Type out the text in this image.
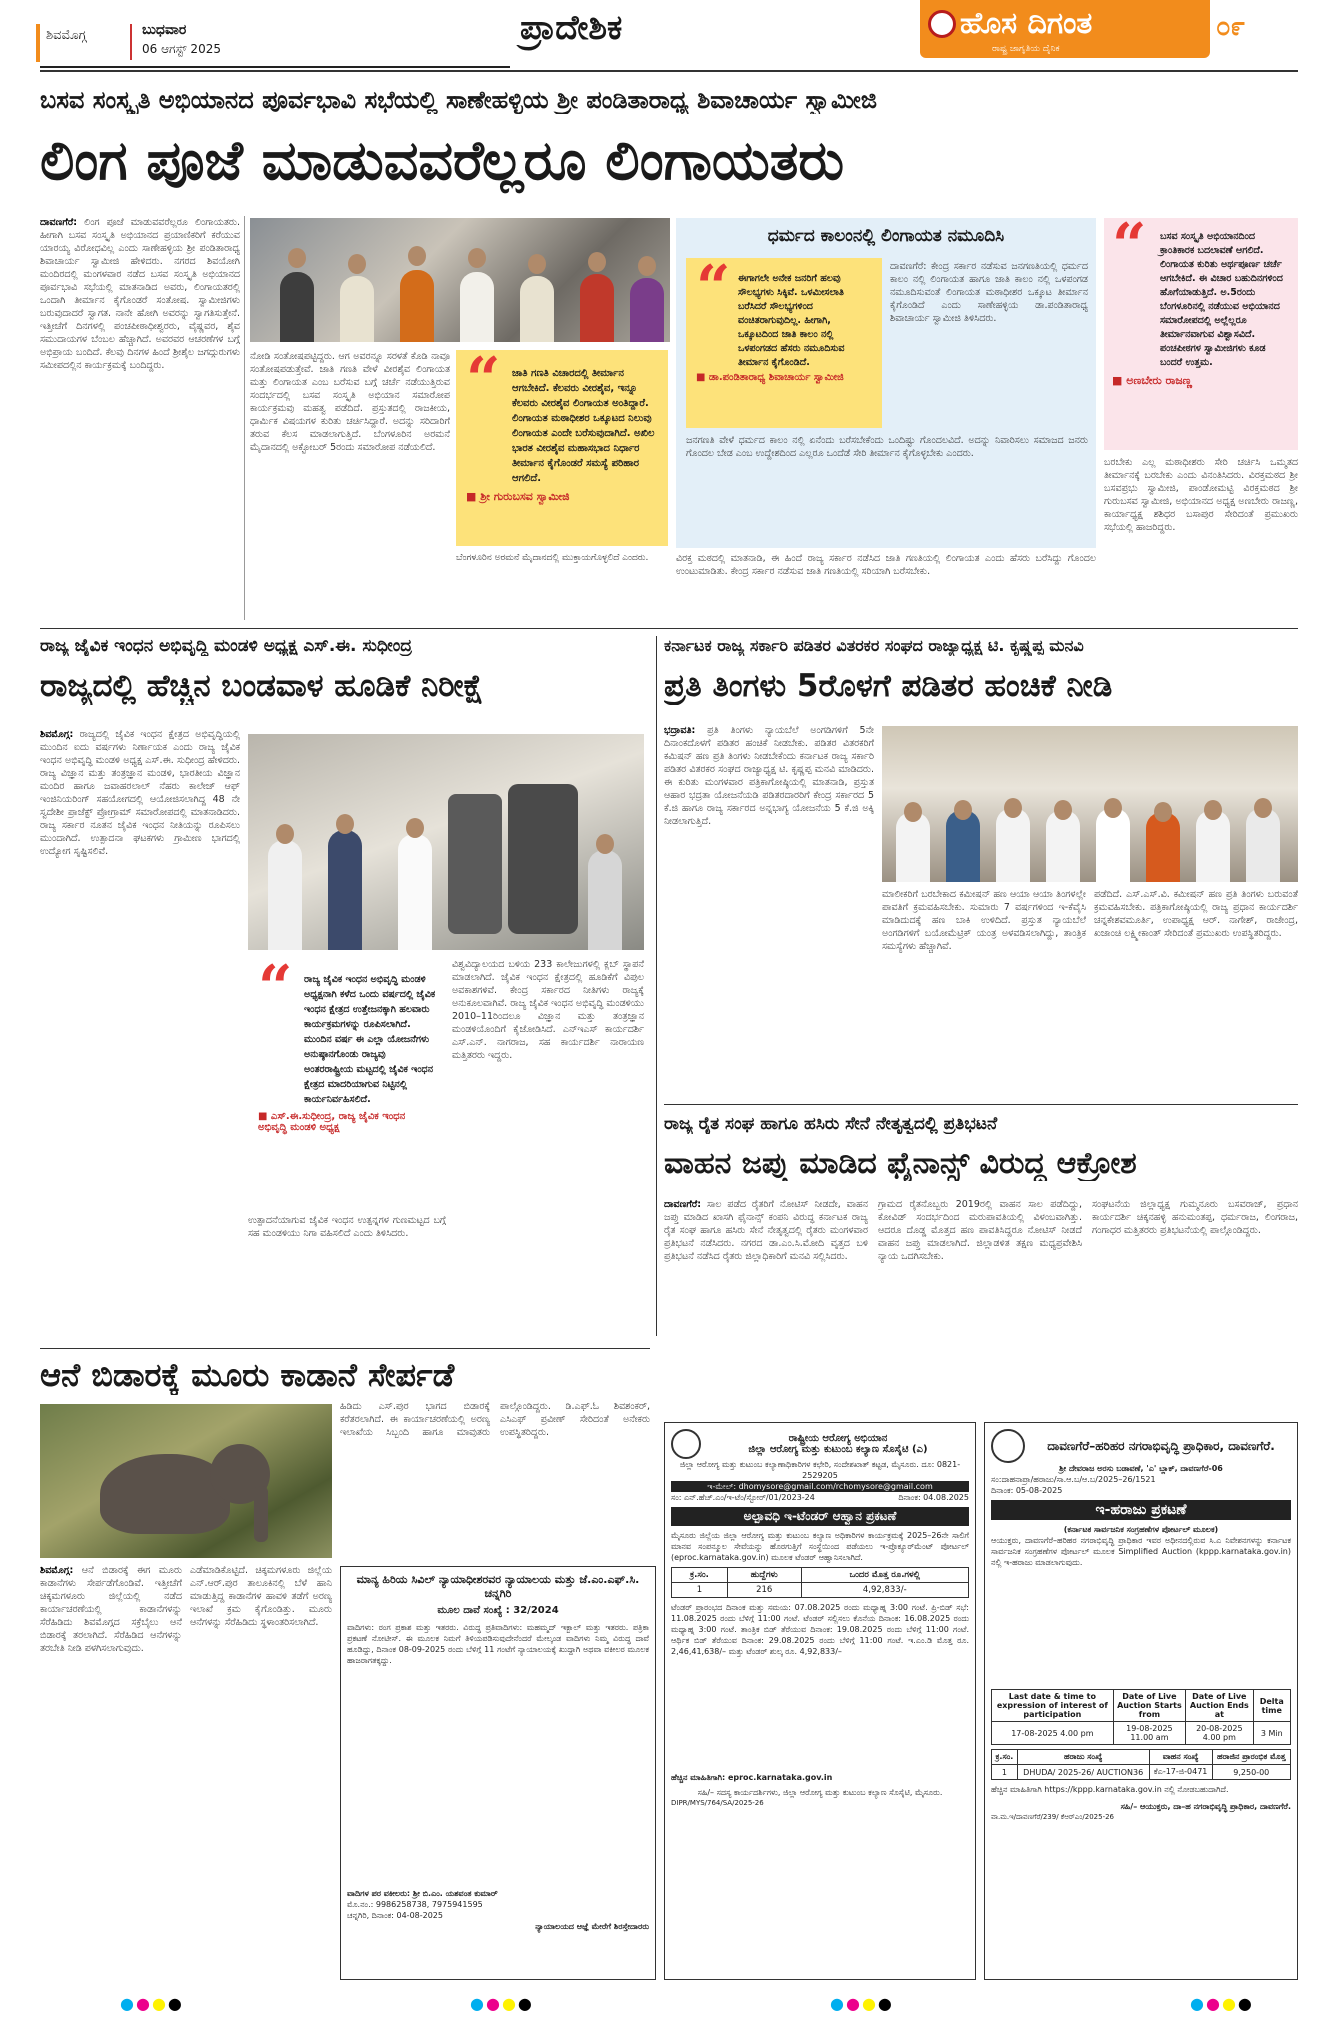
ಶಿವಮೊಗ್ಗ	ಬುಧವಾರ
06 ಆಗಸ್ಟ್ 2025
ಪ್ರಾದೇಶಿಕ	ಹೊಸ ದಿಗಂತ
ರಾಷ್ಟ್ರ ಜಾಗೃತಿಯ ದೈನಿಕ
೦೯
ಬಸವ ಸಂಸ್ಕೃತಿ ಅಭಿಯಾನದ ಪೂರ್ವಭಾವಿ ಸಭೆಯಲ್ಲಿ ಸಾಣೇಹಳ್ಳಿಯ ಶ್ರೀ ಪಂಡಿತಾರಾಧ್ಯ ಶಿವಾಚಾರ್ಯ ಸ್ವಾಮೀಜಿ
ಲಿಂಗ ಪೂಜೆ ಮಾಡುವವರೆಲ್ಲರೂ ಲಿಂಗಾಯತರು
ದಾವಣಗೆರೆ: ಲಿಂಗ ಪೂಜೆ ಮಾಡುವವರೆಲ್ಲರೂ ಲಿಂಗಾಯತರು. ಹೀಗಾಗಿ ಬಸವ ಸಂಸ್ಕೃತಿ ಅಭಿಯಾನದ ಪ್ರಯಾಣಿಕರಿಗೆ ಕರೆಯುವ ಯಾರಯ್ಯ ವಿರೋಧವಿಲ್ಲ ಎಂದು ಸಾಣೇಹಳ್ಳಿಯ ಶ್ರೀ ಪಂಡಿತಾರಾಧ್ಯ ಶಿವಾಚಾರ್ಯ ಸ್ವಾಮೀಜಿ ಹೇಳಿದರು. ನಗರದ ಶಿವಯೋಗಿ ಮಂದಿರದಲ್ಲಿ ಮಂಗಳವಾರ ನಡೆದ ಬಸವ ಸಂಸ್ಕೃತಿ ಅಭಿಯಾನದ ಪೂರ್ವಭಾವಿ ಸಭೆಯಲ್ಲಿ ಮಾತನಾಡಿದ ಅವರು, ಲಿಂಗಾಯತರಲ್ಲಿ ಒಂದಾಗಿ ತೀರ್ಮಾನ ಕೈಗೊಂಡರೆ ಸಂತೋಷ. ಸ್ವಾಮೀಜಿಗಳು ಬರುವುದಾದರೆ ಸ್ವಾಗತ. ನಾನೇ ಹೋಗಿ ಅವರನ್ನು ಸ್ವಾಗತಿಸುತ್ತೇನೆ. ಇತ್ತೀಚೆಗೆ ದಿನಗಳಲ್ಲಿ ಪಂಚಪೀಠಾಧೀಶ್ವರರು, ವೈಷ್ಣವರ, ಶೈವ ಸಮುದಾಯಗಳ ಬೆಂಬಲ ಹೆಚ್ಚಾಗಿದೆ. ಅವರವರ ಆಚರಣೆಗಳ ಬಗ್ಗೆ ಅಭಿಪ್ರಾಯ ಬಂದಿದೆ. ಕೆಲವು ದಿನಗಳ ಹಿಂದೆ ಶ್ರೀಶೈಲ ಜಗದ್ಗುರುಗಳು ಸಮೀಪದಲ್ಲಿನ ಕಾರ್ಯಕ್ರಮಕ್ಕೆ ಬಂದಿದ್ದರು.
ನೋಡಿ ಸಂತೋಷಪಟ್ಟಿದ್ದರು. ಆಗ ಅವರನ್ನೂ ಸರಳತೆ ಕೊಡಿ ನಾವೂ ಸಂತೋಷಪಡುತ್ತೇವೆ. ಜಾತಿ ಗಣತಿ ವೇಳೆ ವೀರಶೈವ ಲಿಂಗಾಯತ ಮತ್ತು ಲಿಂಗಾಯತ ಎಂಬ ಬರೆಸುವ ಬಗ್ಗೆ ಚರ್ಚೆ ನಡೆಯುತ್ತಿರುವ ಸಂದರ್ಭದಲ್ಲಿ ಬಸವ ಸಂಸ್ಕೃತಿ ಅಭಿಯಾನ ಸಮಾರೋಪ ಕಾರ್ಯಕ್ರಮವು ಮಹತ್ವ ಪಡೆದಿದೆ. ಪ್ರಸ್ತುತದಲ್ಲಿ ರಾಜಕೀಯ, ಧಾರ್ಮಿಕ ವಿಷಯಗಳ ಕುರಿತು ಚರ್ಚಿಸಿದ್ದಾರೆ. ಅದನ್ನು ಸರಿದಾರಿಗೆ ತರುವ ಕೆಲಸ ಮಾಡಲಾಗುತ್ತಿದೆ. ಬೆಂಗಳೂರಿನ ಅರಮನೆ ಮೈದಾನದಲ್ಲಿ ಅಕ್ಟೋಬರ್ 5ರಂದು ಸಮಾರೋಪ ನಡೆಯಲಿದೆ.
“	ಜಾತಿ ಗಣತಿ ವಿಚಾರದಲ್ಲಿ ತೀರ್ಮಾನ ಆಗಬೇಕಿದೆ. ಕೆಲವರು ವೀರಶೈವ, ಇನ್ನೂ ಕೆಲವರು ವೀರಶೈವ ಲಿಂಗಾಯತ ಅಂತಿದ್ದಾರೆ. ಲಿಂಗಾಯತ ಮಠಾಧೀಶರ ಒಕ್ಕೂಟದ ನಿಲುವು ಲಿಂಗಾಯತ ಎಂದೇ ಬರೆಸುವುದಾಗಿದೆ. ಅಖಿಲ ಭಾರತ ವೀರಶೈವ ಮಹಾಸಭಾದ ನಿರ್ಧಾರ ತೀರ್ಮಾನ ಕೈಗೊಂಡರೆ ಸಮಸ್ಯೆ ಪರಿಹಾರ ಆಗಲಿದೆ.
■ ಶ್ರೀ ಗುರುಬಸವ ಸ್ವಾಮೀಜಿ
ಧರ್ಮದ ಕಾಲಂನಲ್ಲಿ ಲಿಂಗಾಯತ ನಮೂದಿಸಿ
“ ಈಗಾಗಲೇ ಅನೇಕ ಜನರಿಗೆ ಹಲವು ಸೌಲಭ್ಯಗಳು ಸಿಕ್ಕಿವೆ. ಒಳಮೀಸಲಾತಿ ಬರೆಸಿದರೆ ಸೌಲಭ್ಯಗಳಿಂದ ವಂಚಿತರಾಗುವುದಿಲ್ಲ. ಹೀಗಾಗಿ, ಒಕ್ಕೂಟದಿಂದ ಜಾತಿ ಕಾಲಂ ನಲ್ಲಿ ಒಳಪಂಗಡದ ಹೆಸರು ನಮೂದಿಸುವ ತೀರ್ಮಾನ ಕೈಗೊಂಡಿದೆ.
■ ಡಾ.ಪಂಡಿತಾರಾಧ್ಯ ಶಿವಾಚಾರ್ಯ ಸ್ವಾಮೀಜಿ
ದಾವಣಗೆರೆ: ಕೇಂದ್ರ ಸರ್ಕಾರ ನಡೆಸುವ ಜನಗಣತಿಯಲ್ಲಿ ಧರ್ಮದ ಕಾಲಂ ನಲ್ಲಿ ಲಿಂಗಾಯತ ಹಾಗೂ ಜಾತಿ ಕಾಲಂ ನಲ್ಲಿ ಒಳಪಂಗಡ ನಮೂದಿಸುವಂತೆ ಲಿಂಗಾಯತ ಮಠಾಧೀಶರ ಒಕ್ಕೂಟ ತೀರ್ಮಾನ ಕೈಗೊಂಡಿದೆ ಎಂದು ಸಾಣೇಹಳ್ಳಿಯ ಡಾ.ಪಂಡಿತಾರಾಧ್ಯ ಶಿವಾಚಾರ್ಯ ಸ್ವಾಮೀಜಿ ತಿಳಿಸಿದರು.
ಜನಗಣತಿ ವೇಳೆ ಧರ್ಮದ ಕಾಲಂ ನಲ್ಲಿ ಏನೆಂದು ಬರೆಸಬೇಕೆಂದು ಒಂದಿಷ್ಟು ಗೊಂದಲವಿದೆ. ಅದನ್ನು ನಿವಾರಿಸಲು ಸಮಾಜದ ಜನರು ಗೊಂದಲ ಬೇಡ ಎಂಬ ಉದ್ದೇಶದಿಂದ ಎಲ್ಲರೂ ಒಂದೆಡೆ ಸೇರಿ ತೀರ್ಮಾನ ಕೈಗೊಳ್ಳಬೇಕು ಎಂದರು.
“	ಬಸವ ಸಂಸ್ಕೃತಿ ಅಭಿಯಾನದಿಂದ ಕ್ರಾಂತಿಕಾರಕ ಬದಲಾವಣೆ ಆಗಲಿದೆ. ಲಿಂಗಾಯತ ಕುರಿತು ಅರ್ಥಪೂರ್ಣ ಚರ್ಚೆ ಆಗಬೇಕಿದೆ. ಈ ವಿಚಾರ ಬಹುದಿನಗಳಿಂದ ಹೊಗೆಯಾಡುತ್ತಿದೆ. ಅ.5ರಂದು ಬೆಂಗಳೂರಿನಲ್ಲಿ ನಡೆಯುವ ಅಭಿಯಾನದ ಸಮಾರೋಪದಲ್ಲಿ ಅಲ್ಲೆಲ್ಲರೂ ತೀರ್ಮಾನವಾಗುವ ವಿಶ್ವಾಸವಿದೆ. ಪಂಚಪೀಠಗಳ ಸ್ವಾಮೀಜಿಗಳು ಕೂಡ ಬಂದರೆ ಉತ್ತಮ.
■ ಅಣಬೇರು ರಾಜಣ್ಣ
ಬರಬೇಕು ಎಲ್ಲ ಮಠಾಧೀಶರು ಸೇರಿ ಚರ್ಚಿಸಿ ಒಮ್ಮತದ ತೀರ್ಮಾನಕ್ಕೆ ಬರಬೇಕು ಎಂದು ವಿನಂತಿಸಿದರು. ವಿರಕ್ತಮಠದ ಶ್ರೀ ಬಸವಪ್ರಭು ಸ್ವಾಮೀಜಿ, ಪಾಂಡೋಮಟ್ಟಿ ವಿರಕ್ತಮಠದ ಶ್ರೀ ಗುರುಬಸವ ಸ್ವಾಮೀಜಿ, ಅಭಿಯಾನದ ಅಧ್ಯಕ್ಷ ಅಣಬೇರು ರಾಜಣ್ಣ, ಕಾರ್ಯಾಧ್ಯಕ್ಷ ಶಶಿಧರ ಬಸಾಪುರ ಸೇರಿದಂತೆ ಪ್ರಮುಖರು ಸಭೆಯಲ್ಲಿ ಹಾಜರಿದ್ದರು.
ಬೆಂಗಳೂರಿನ ಅರಮನೆ ಮೈದಾನದಲ್ಲಿ ಮುಕ್ತಾಯಗೊಳ್ಳಲಿದೆ ಎಂದರು.	ವಿರಕ್ತ ಮಠದಲ್ಲಿ ಮಾತನಾಡಿ, ಈ ಹಿಂದೆ ರಾಜ್ಯ ಸರ್ಕಾರ ನಡೆಸಿದ ಜಾತಿ ಗಣತಿಯಲ್ಲಿ ಲಿಂಗಾಯತ ಎಂದು ಹೆಸರು ಬರೆಸಿದ್ದು ಗೊಂದಲ ಉಂಟುಮಾಡಿತು. ಕೇಂದ್ರ ಸರ್ಕಾರ ನಡೆಸುವ ಜಾತಿ ಗಣತಿಯಲ್ಲಿ ಸರಿಯಾಗಿ ಬರೆಸಬೇಕು.
ರಾಜ್ಯ ಜೈವಿಕ ಇಂಧನ ಅಭಿವೃದ್ಧಿ ಮಂಡಳಿ ಅಧ್ಯಕ್ಷ ಎಸ್.ಈ. ಸುಧೀಂದ್ರ
ರಾಜ್ಯದಲ್ಲಿ ಹೆಚ್ಚಿನ ಬಂಡವಾಳ ಹೂಡಿಕೆ ನಿರೀಕ್ಷೆ
ಶಿವಮೊಗ್ಗ: ರಾಜ್ಯದಲ್ಲಿ ಜೈವಿಕ ಇಂಧನ ಕ್ಷೇತ್ರದ ಅಭಿವೃದ್ಧಿಯಲ್ಲಿ ಮುಂದಿನ ಐದು ವರ್ಷಗಳು ನಿರ್ಣಾಯಕ ಎಂದು ರಾಜ್ಯ ಜೈವಿಕ ಇಂಧನ ಅಭಿವೃದ್ಧಿ ಮಂಡಳಿ ಅಧ್ಯಕ್ಷ ಎಸ್.ಈ. ಸುಧೀಂದ್ರ ಹೇಳಿದರು. ರಾಜ್ಯ ವಿಜ್ಞಾನ ಮತ್ತು ತಂತ್ರಜ್ಞಾನ ಮಂಡಳಿ, ಭಾರತೀಯ ವಿಜ್ಞಾನ ಮಂದಿರ ಹಾಗೂ ಜವಾಹರಲಾಲ್ ನೆಹರು ಕಾಲೇಜ್ ಆಫ್ ಇಂಜಿನಿಯರಿಂಗ್ ಸಹಯೋಗದಲ್ಲಿ ಆಯೋಜಿಸಲಾಗಿದ್ದ 48 ನೇ ಸ್ವದೇಶೀ ಪ್ರಾಜೆಕ್ಟ್ ಪ್ರೋಗ್ರಾಮ್ ಸಮಾರೋಪದಲ್ಲಿ ಮಾತನಾಡಿದರು. ರಾಜ್ಯ ಸರ್ಕಾರ ನೂತನ ಜೈವಿಕ ಇಂಧನ ನೀತಿಯನ್ನು ರೂಪಿಸಲು ಮುಂದಾಗಿದೆ. ಉತ್ಪಾದನಾ ಘಟಕಗಳು ಗ್ರಾಮೀಣ ಭಾಗದಲ್ಲಿ ಉದ್ಯೋಗ ಸೃಷ್ಟಿಸಲಿವೆ.
“	ರಾಜ್ಯ ಜೈವಿಕ ಇಂಧನ ಅಭಿವೃದ್ಧಿ ಮಂಡಳಿ ಅಧ್ಯಕ್ಷನಾಗಿ ಕಳೆದ ಒಂದು ವರ್ಷದಲ್ಲಿ ಜೈವಿಕ ಇಂಧನ ಕ್ಷೇತ್ರದ ಉತ್ತೇಜನಕ್ಕಾಗಿ ಹಲವಾರು ಕಾರ್ಯಕ್ರಮಗಳನ್ನು ರೂಪಿಸಲಾಗಿದೆ. ಮುಂದಿನ ವರ್ಷ ಈ ಎಲ್ಲಾ ಯೋಜನೆಗಳು ಅನುಷ್ಠಾನಗೊಂಡು ರಾಜ್ಯವು ಅಂತರರಾಷ್ಟ್ರೀಯ ಮಟ್ಟದಲ್ಲಿ ಜೈವಿಕ ಇಂಧನ ಕ್ಷೇತ್ರದ ಮಾದರಿಯಾಗುವ ನಿಟ್ಟಿನಲ್ಲಿ ಕಾರ್ಯನಿರ್ವಹಿಸಲಿದೆ.
■ ಎಸ್.ಈ.ಸುಧೀಂದ್ರ, ರಾಜ್ಯ ಜೈವಿಕ ಇಂಧನ ಅಭಿವೃದ್ಧಿ ಮಂಡಳಿ ಅಧ್ಯಕ್ಷ
ವಿಶ್ವವಿದ್ಯಾಲಯದ ಬಳಿಯ 233 ಕಾಲೇಜುಗಳಲ್ಲಿ ಕ್ಲಬ್ ಸ್ಥಾಪನೆ ಮಾಡಲಾಗಿದೆ. ಜೈವಿಕ ಇಂಧನ ಕ್ಷೇತ್ರದಲ್ಲಿ ಹೂಡಿಕೆಗೆ ವಿಪುಲ ಅವಕಾಶಗಳಿವೆ. ಕೇಂದ್ರ ಸರ್ಕಾರದ ನೀತಿಗಳು ರಾಜ್ಯಕ್ಕೆ ಅನುಕೂಲವಾಗಿವೆ. ರಾಜ್ಯ ಜೈವಿಕ ಇಂಧನ ಅಭಿವೃದ್ಧಿ ಮಂಡಳಿಯು 2010–11ರಿಂದಲೂ ವಿಜ್ಞಾನ ಮತ್ತು ತಂತ್ರಜ್ಞಾನ ಮಂಡಳಿಯೊಂದಿಗೆ ಕೈಜೋಡಿಸಿದೆ. ಎನ್‌ಇಎಸ್ ಕಾರ್ಯದರ್ಶಿ ಎಸ್.ಎನ್. ನಾಗರಾಜ, ಸಹ ಕಾರ್ಯದರ್ಶಿ ನಾರಾಯಣ ಮತ್ತಿತರರು ಇದ್ದರು.
ಉತ್ಪಾದನೆಯಾಗುವ ಜೈವಿಕ ಇಂಧನ ಉತ್ಪನ್ನಗಳ ಗುಣಮಟ್ಟದ ಬಗ್ಗೆ ಸಹ ಮಂಡಳಿಯು ನಿಗಾ ವಹಿಸಲಿದೆ ಎಂದು ತಿಳಿಸಿದರು.
ಕರ್ನಾಟಕ ರಾಜ್ಯ ಸರ್ಕಾರಿ ಪಡಿತರ ವಿತರಕರ ಸಂಘದ ರಾಜ್ಯಾಧ್ಯಕ್ಷ ಟಿ. ಕೃಷ್ಣಪ್ಪ ಮನವಿ
ಪ್ರತಿ ತಿಂಗಳು 5ರೊಳಗೆ ಪಡಿತರ ಹಂಚಿಕೆ ನೀಡಿ
ಭದ್ರಾವತಿ: ಪ್ರತಿ ತಿಂಗಳು ನ್ಯಾಯಬೆಲೆ ಅಂಗಡಿಗಳಿಗೆ 5ನೇ ದಿನಾಂಕದೊಳಗೆ ಪಡಿತರ ಹಂಚಿಕೆ ನೀಡಬೇಕು. ಪಡಿತರ ವಿತರಕರಿಗೆ ಕಮಿಷನ್ ಹಣ ಪ್ರತಿ ತಿಂಗಳು ನೀಡಬೇಕೆಂದು ಕರ್ನಾಟಕ ರಾಜ್ಯ ಸರ್ಕಾರಿ ಪಡಿತರ ವಿತರಕರ ಸಂಘದ ರಾಜ್ಯಾಧ್ಯಕ್ಷ ಟಿ. ಕೃಷ್ಣಪ್ಪ ಮನವಿ ಮಾಡಿದರು. ಈ ಕುರಿತು ಮಂಗಳವಾರ ಪತ್ರಿಕಾಗೋಷ್ಠಿಯಲ್ಲಿ ಮಾತನಾಡಿ, ಪ್ರಸ್ತುತ ಆಹಾರ ಭದ್ರತಾ ಯೋಜನೆಯಡಿ ಪಡಿತರದಾರರಿಗೆ ಕೇಂದ್ರ ಸರ್ಕಾರದ 5 ಕೆ.ಜಿ ಹಾಗೂ ರಾಜ್ಯ ಸರ್ಕಾರದ ಅನ್ನಭಾಗ್ಯ ಯೋಜನೆಯ 5 ಕೆ.ಜಿ ಅಕ್ಕಿ ನೀಡಲಾಗುತ್ತಿದೆ.
ಮಾಲೀಕರಿಗೆ ಬರಬೇಕಾದ ಕಮೀಷನ್ ಹಣ ಆಯಾ ಆಯಾ ತಿಂಗಳಲ್ಲೇ ಪಾವತಿಗೆ ಕ್ರಮವಹಿಸಬೇಕು. ಸುಮಾರು 7 ವರ್ಷಗಳಿಂದ ಇ-ಕೆವೈಸಿ ಮಾಡಿದುದಕ್ಕೆ ಹಣ ಬಾಕಿ ಉಳಿದಿದೆ. ಪ್ರಸ್ತುತ ನ್ಯಾಯಬೆಲೆ ಅಂಗಡಿಗಳಿಗೆ ಬಯೋಮೆಟ್ರಿಕ್ ಯಂತ್ರ ಅಳವಡಿಸಲಾಗಿದ್ದು, ತಾಂತ್ರಿಕ ಸಮಸ್ಯೆಗಳು ಹೆಚ್ಚಾಗಿವೆ.
ಪಡೆದಿದೆ. ಎಸ್.ಎಸ್.ವಿ. ಕಮೀಷನ್ ಹಣ ಪ್ರತಿ ತಿಂಗಳು ಬರುವಂತೆ ಕ್ರಮವಹಿಸಬೇಕು. ಪತ್ರಿಕಾಗೋಷ್ಠಿಯಲ್ಲಿ ರಾಜ್ಯ ಪ್ರಧಾನ ಕಾರ್ಯದರ್ಶಿ ಚನ್ನಕೇಶವಮೂರ್ತಿ, ಉಪಾಧ್ಯಕ್ಷ ಆರ್. ನಾಗೇಶ್, ರಾಜೇಂದ್ರ, ಖಜಾಂಚಿ ಲಕ್ಷ್ಮೀಕಾಂತ್ ಸೇರಿದಂತೆ ಪ್ರಮುಖರು ಉಪಸ್ಥಿತರಿದ್ದರು.
ರಾಜ್ಯ ರೈತ ಸಂಘ ಹಾಗೂ ಹಸಿರು ಸೇನೆ ನೇತೃತ್ವದಲ್ಲಿ ಪ್ರತಿಭಟನೆ
ವಾಹನ ಜಪ್ತು ಮಾಡಿದ ಫೈನಾನ್ಸ್ ವಿರುದ್ಧ ಆಕ್ರೋಶ
ದಾವಣಗೆರೆ: ಸಾಲ ಪಡೆದ ರೈತರಿಗೆ ನೋಟಿಸ್ ನೀಡದೇ, ವಾಹನ ಜಪ್ತು ಮಾಡಿದ ಖಾಸಗಿ ಫೈನಾನ್ಸ್ ಕಂಪನಿ ವಿರುದ್ಧ ಕರ್ನಾಟಕ ರಾಜ್ಯ ರೈತ ಸಂಘ ಹಾಗೂ ಹಸಿರು ಸೇನೆ ನೇತೃತ್ವದಲ್ಲಿ ರೈತರು ಮಂಗಳವಾರ ಪ್ರತಿಭಟನೆ ನಡೆಸಿದರು. ನಗರದ ಡಾ.ಎಂ.ಸಿ.ಮೋದಿ ವೃತ್ತದ ಬಳಿ ಪ್ರತಿಭಟನೆ ನಡೆಸಿದ ರೈತರು ಜಿಲ್ಲಾಧಿಕಾರಿಗೆ ಮನವಿ ಸಲ್ಲಿಸಿದರು.
ಗ್ರಾಮದ ರೈತನೊಬ್ಬರು 2019ರಲ್ಲಿ ವಾಹನ ಸಾಲ ಪಡೆದಿದ್ದು, ಕೋವಿಡ್ ಸಂದರ್ಭದಿಂದ ಮರುಪಾವತಿಯಲ್ಲಿ ವಿಳಂಬವಾಗಿತ್ತು. ಆದರೂ ದೊಡ್ಡ ಮೊತ್ತದ ಹಣ ಪಾವತಿಸಿದ್ದರೂ ನೋಟಿಸ್ ನೀಡದೆ ವಾಹನ ಜಪ್ತು ಮಾಡಲಾಗಿದೆ. ಜಿಲ್ಲಾಡಳಿತ ತಕ್ಷಣ ಮಧ್ಯಪ್ರವೇಶಿಸಿ ನ್ಯಾಯ ಒದಗಿಸಬೇಕು.
ಸಂಘಟನೆಯ ಜಿಲ್ಲಾಧ್ಯಕ್ಷ ಗುಮ್ಮನೂರು ಬಸವರಾಜ್, ಪ್ರಧಾನ ಕಾರ್ಯದರ್ಶಿ ಚಿಕ್ಕನಹಳ್ಳಿ ಹನುಮಂತಪ್ಪ, ಧರ್ಮರಾಜ, ಲಿಂಗರಾಜ, ಗಂಗಾಧರ ಮತ್ತಿತರರು ಪ್ರತಿಭಟನೆಯಲ್ಲಿ ಪಾಲ್ಗೊಂಡಿದ್ದರು.
ಆನೆ ಬಿಡಾರಕ್ಕೆ ಮೂರು ಕಾಡಾನೆ ಸೇರ್ಪಡೆ
ಹಿಡಿದು ಎಸ್.ಪುರ ಭಾಗದ ಬಿಡಾರಕ್ಕೆ ಕರೆತರಲಾಗಿದೆ. ಈ ಕಾರ್ಯಾಚರಣೆಯಲ್ಲಿ ಅರಣ್ಯ ಇಲಾಖೆಯ ಸಿಬ್ಬಂದಿ ಹಾಗೂ ಮಾವುತರು ಪಾಲ್ಗೊಂಡಿದ್ದರು. ಡಿ.ಎಫ್.ಓ ಶಿವಶಂಕರ್, ಎಸಿಎಫ್ ಪ್ರವೀಣ್ ಸೇರಿದಂತೆ ಅನೇಕರು ಉಪಸ್ಥಿತರಿದ್ದರು.
ಶಿವಮೊಗ್ಗ: ಆನೆ ಬಿಡಾರಕ್ಕೆ ಈಗ ಮೂರು ಕಾಡಾನೆಗಳು ಸೇರ್ಪಡೆಗೊಂಡಿವೆ. ಇತ್ತೀಚೆಗೆ ಚಿಕ್ಕಮಗಳೂರು ಜಿಲ್ಲೆಯಲ್ಲಿ ನಡೆದ ಕಾರ್ಯಾಚರಣೆಯಲ್ಲಿ ಕಾಡಾನೆಗಳನ್ನು ಸೆರೆಹಿಡಿದು ಶಿವಮೊಗ್ಗದ ಸಕ್ರೆಬೈಲು ಆನೆ ಬಿಡಾರಕ್ಕೆ ತರಲಾಗಿದೆ. ಸೆರೆಹಿಡಿದ ಆನೆಗಳನ್ನು ತರಬೇತಿ ನೀಡಿ ಪಳಗಿಸಲಾಗುವುದು.
ಎಡೆಮಾಡಿಕೊಟ್ಟಿದೆ. ಚಿಕ್ಕಮಗಳೂರು ಜಿಲ್ಲೆಯ ಎನ್.ಆರ್.ಪುರ ತಾಲೂಕಿನಲ್ಲಿ ಬೆಳೆ ಹಾನಿ ಮಾಡುತ್ತಿದ್ದ ಕಾಡಾನೆಗಳ ಹಾವಳಿ ತಡೆಗೆ ಅರಣ್ಯ ಇಲಾಖೆ ಕ್ರಮ ಕೈಗೊಂಡಿತ್ತು. ಮೂರು ಆನೆಗಳನ್ನು ಸೆರೆಹಿಡಿದು ಸ್ಥಳಾಂತರಿಸಲಾಗಿದೆ.
ಮಾನ್ಯ ಹಿರಿಯ ಸಿವಿಲ್ ನ್ಯಾಯಾಧೀಶರವರ ನ್ಯಾಯಾಲಯ ಮತ್ತು ಜೆ.ಎಂ.ಎಫ್.ಸಿ. ಚನ್ನಗಿರಿ
ಮೂಲ ದಾವೆ ಸಂಖ್ಯೆ : 32/2024
ವಾದಿಗಳು: ರಂಗ ಪ್ರಕಾಶ ಮತ್ತು ಇತರರು. ವಿರುದ್ಧ ಪ್ರತಿವಾದಿಗಳು: ಮಹಮ್ಮದ್ ಇಕ್ಬಾಲ್ ಮತ್ತು ಇತರರು. ಪತ್ರಿಕಾ ಪ್ರಕಟಣೆ ನೋಟೀಸ್. ಈ ಮೂಲಕ ನಿಮಗೆ ತಿಳಿಯಪಡಿಸುವುದೇನೆಂದರೆ ಮೇಲ್ಕಂಡ ವಾದಿಗಳು ನಿಮ್ಮ ವಿರುದ್ಧ ದಾವೆ ಹೂಡಿದ್ದು, ದಿನಾಂಕ 08-09-2025 ರಂದು ಬೆಳಿಗ್ಗೆ 11 ಗಂಟೆಗೆ ನ್ಯಾಯಾಲಯಕ್ಕೆ ಖುದ್ದಾಗಿ ಅಥವಾ ವಕೀಲರ ಮೂಲಕ ಹಾಜರಾಗತಕ್ಕದ್ದು.
ವಾದಿಗಳ ಪರ ವಕೀಲರು: ಶ್ರೀ ಬಿ.ಎಂ. ಯಶವಂತ ಕುಮಾರ್
ಮೊ.ನಂ.: 9986258738, 7975941595
ಚನ್ನಗಿರಿ, ದಿನಾಂಕ: 04-08-2025
ನ್ಯಾಯಾಲಯದ ಆಜ್ಞೆ ಮೇರೆಗೆ ಶಿರಸ್ತೇದಾರರು
ರಾಷ್ಟ್ರೀಯ ಆರೋಗ್ಯ ಅಭಿಯಾನ
ಜಿಲ್ಲಾ ಆರೋಗ್ಯ ಮತ್ತು ಕುಟುಂಬ ಕಲ್ಯಾಣ ಸೊಸೈಟಿ (ಎ)
ಜಿಲ್ಲಾ ಆರೋಗ್ಯ ಮತ್ತು ಕುಟುಂಬ ಕಲ್ಯಾಣಾಧಿಕಾರಿಗಳ ಕಛೇರಿ, ಸಂದೇಶಖಾತ್ ಕಟ್ಟಡ, ಮೈಸೂರು. ದೂ: 0821-2529205
ಇ-ಮೇಲ್: dhomysore@gmail.com/rchomysore@gmail.com
ಸಂ: ಎನ್.ಹೆಚ್.ಎಂ/ಇ-ಟೆಂ/ಸ್ಟೋರ್/01/2023-24	ದಿನಾಂಕ: 04.08.2025
ಅಲ್ಪಾವಧಿ ಇ-ಟೆಂಡರ್ ಆಹ್ವಾನ ಪ್ರಕಟಣೆ
ಮೈಸೂರು ಜಿಲ್ಲೆಯ ಜಿಲ್ಲಾ ಆರೋಗ್ಯ ಮತ್ತು ಕುಟುಂಬ ಕಲ್ಯಾಣ ಅಧಿಕಾರಿಗಳ ಕಾರ್ಯಕ್ರಮಕ್ಕೆ 2025–26ನೇ ಸಾಲಿಗೆ ಮಾನವ ಸಂಪನ್ಮೂಲ ಸೇವೆಯನ್ನು ಹೊರಗುತ್ತಿಗೆ ಸಂಸ್ಥೆಯಿಂದ ಪಡೆಯಲು ಇ-ಪ್ರೊಕ್ಯೂರ್‌ಮೆಂಟ್ ಪೋರ್ಟಲ್ (eproc.karnataka.gov.in) ಮೂಲಕ ಟೆಂಡರ್ ಆಹ್ವಾನಿಸಲಾಗಿದೆ.
ಕ್ರ.ಸಂ.	ಹುದ್ದೆಗಳು	ಒಂದರ ಮೊತ್ತ ರೂ.ಗಳಲ್ಲಿ
1	216	4,92,833/-
ಟೆಂಡರ್ ಪ್ರಾರಂಭದ ದಿನಾಂಕ ಮತ್ತು ಸಮಯ: 07.08.2025 ರಂದು ಮಧ್ಯಾಹ್ನ 3:00 ಗಂಟೆ. ಪ್ರಿ-ಬಿಡ್ ಸಭೆ: 11.08.2025 ರಂದು ಬೆಳಿಗ್ಗೆ 11:00 ಗಂಟೆ. ಟೆಂಡರ್ ಸಲ್ಲಿಸಲು ಕೊನೆಯ ದಿನಾಂಕ: 16.08.2025 ರಂದು ಮಧ್ಯಾಹ್ನ 3:00 ಗಂಟೆ. ತಾಂತ್ರಿಕ ಬಿಡ್ ತೆರೆಯುವ ದಿನಾಂಕ: 19.08.2025 ರಂದು ಬೆಳಿಗ್ಗೆ 11:00 ಗಂಟೆ. ಆರ್ಥಿಕ ಬಿಡ್ ತೆರೆಯುವ ದಿನಾಂಕ: 29.08.2025 ರಂದು ಬೆಳಿಗ್ಗೆ 11:00 ಗಂಟೆ. ಇ.ಎಂ.ಡಿ ಮೊತ್ತ ರೂ. 2,46,41,638/– ಮತ್ತು ಟೆಂಡರ್ ಶುಲ್ಕ ರೂ. 4,92,833/–
ಹೆಚ್ಚಿನ ಮಾಹಿತಿಗಾಗಿ: eproc.karnataka.gov.in
ಸಹಿ/– ಸದಸ್ಯ ಕಾರ್ಯದರ್ಶಿಗಳು, ಜಿಲ್ಲಾ ಆರೋಗ್ಯ ಮತ್ತು ಕುಟುಂಬ ಕಲ್ಯಾಣ ಸೊಸೈಟಿ, ಮೈಸೂರು.
DIPR/MYS/764/SA/2025-26
ದಾವಣಗೆರೆ–ಹರಿಹರ ನಗರಾಭಿವೃದ್ಧಿ ಪ್ರಾಧಿಕಾರ, ದಾವಣಗೆರೆ.
ಶ್ರೀ ದೇವರಾಜ ಅರಸು ಬಡಾವಣೆ, 'ಎ' ಬ್ಲಾಕ್, ದಾವಣಗೆರೆ-06
ಸಂ:ದಾಹನಾಪ್ರಾ/ಹರಾಜು/ಸಾ.ಆ.ಬ/ಆ.ಬ/2025–26/1521
ದಿನಾಂಕ: 05-08-2025
ಇ-ಹರಾಜು ಪ್ರಕಟಣೆ
(ಕರ್ನಾಟಕ ಸಾರ್ವಜನಿಕ ಸಂಗ್ರಹಣೆಗಳ ಪೋರ್ಟಲ್ ಮೂಲಕ)
ಆಯುಕ್ತರು, ದಾವಣಗೆರೆ–ಹರಿಹರ ನಗರಾಭಿವೃದ್ಧಿ ಪ್ರಾಧಿಕಾರ ಇವರ ಅಧೀನದಲ್ಲಿರುವ ಸಿ.ಎ ನಿವೇಶನಗಳನ್ನು ಕರ್ನಾಟಕ ಸಾರ್ವಜನಿಕ ಸಂಗ್ರಹಣೆಗಳ ಪೋರ್ಟಲ್ ಮೂಲಕ Simplified Auction (kppp.karnataka.gov.in) ನಲ್ಲಿ ಇ-ಹರಾಜು ಮಾಡಲಾಗುವುದು.
Last date & time to expression of interest of participation	Date of Live Auction Starts from	Date of Live Auction Ends at	Delta time
17-08-2025 4.00 pm	19-08-2025 11.00 am	20-08-2025 4.00 pm	3 Min
ಕ್ರ.ಸಂ.	ಹರಾಜು ಸಂಖ್ಯೆ	ವಾಹನ ಸಂಖ್ಯೆ	ಹರಾಜಿನ ಪ್ರಾರಂಭಿಕ ಮೊತ್ತ
1	DHUDA/ 2025-26/ AUCTION36	ಕೆಎ-17-ಜಿ-0471	9,250-00
ಹೆಚ್ಚಿನ ಮಾಹಿತಿಗಾಗಿ https://kppp.karnataka.gov.in ನಲ್ಲಿ ನೋಡಬಹುದಾಗಿದೆ.
ಸಹಿ/– ಆಯುಕ್ತರು, ದಾ–ಹ ನಗರಾಭಿವೃದ್ಧಿ ಪ್ರಾಧಿಕಾರ, ದಾವಣಗೆರೆ.
ವಾ.ಮ.ಇ/ದಾವಣಗೆರೆ/239/ ಕೆಆರ್‌ಎಂ/2025-26
●●●●	●●●●	●●●●	●●●●
